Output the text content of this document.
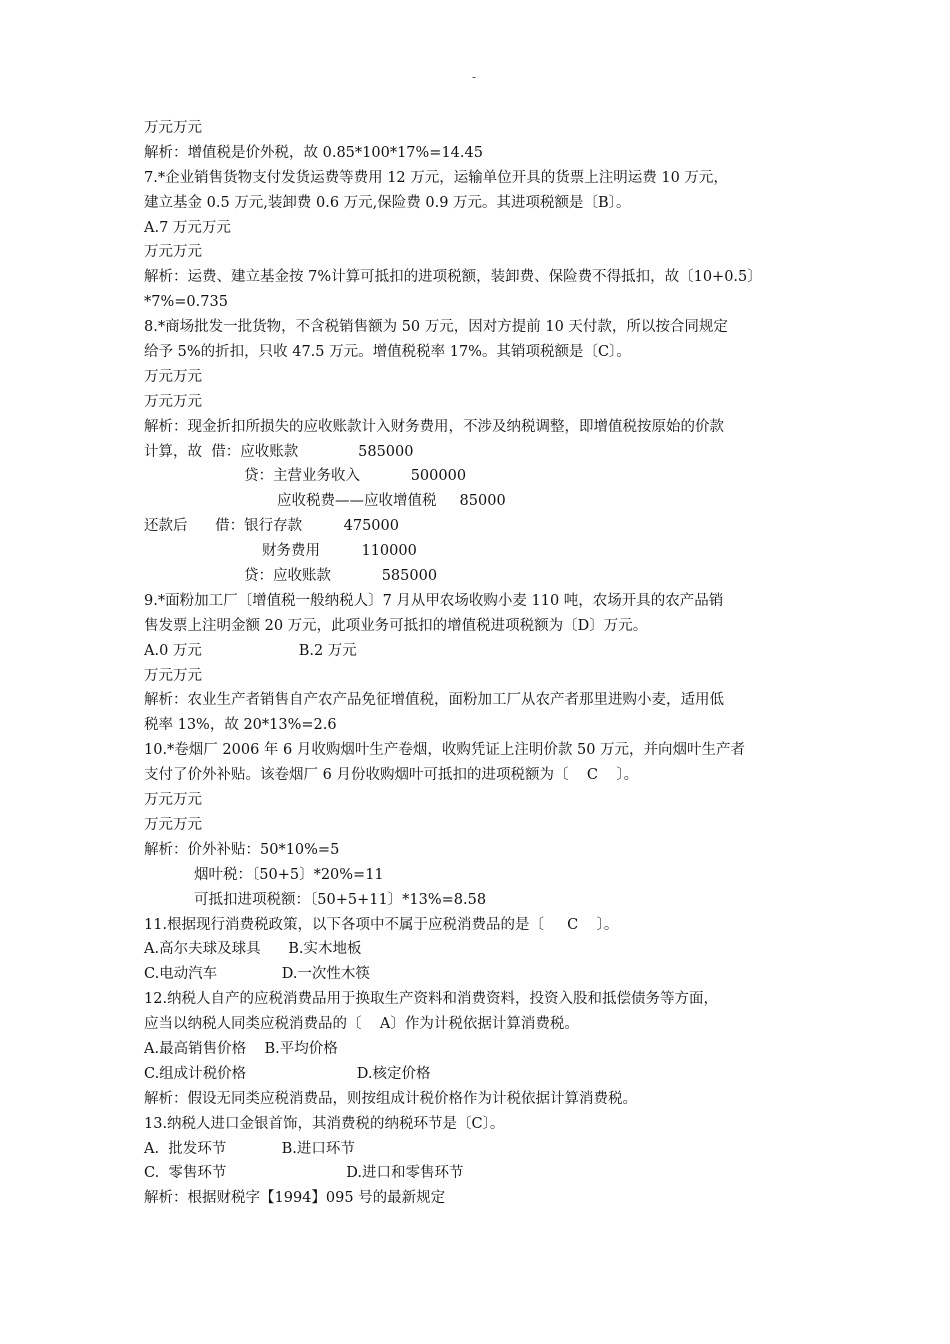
-
万元万元
解析：增值税是价外税，故 0.85*100*17%=14.45
7.*企业销售货物支付发货运费等费用 12 万元，运输单位开具的货票上注明运费 10 万元，
建立基金 0.5 万元,装卸费 0.6 万元,保险费 0.9 万元。其进项税额是〔B〕。
A.7 万元万元
万元万元
解析：运费、建立基金按 7%计算可抵扣的进项税额，装卸费、保险费不得抵扣，故〔10+0.5〕
*7%=0.735
8.*商场批发一批货物，不含税销售额为 50 万元，因对方提前 10 天付款，所以按合同规定
给予 5%的折扣，只收 47.5 万元。增值税税率 17%。其销项税额是〔C〕。
万元万元
万元万元
解析：现金折扣所损失的应收账款计入财务费用，不涉及纳税调整，即增值税按原始的价款
计算，故  借：应收账款             585000
贷：主营业务收入           500000
应收税费——应收增值税     85000
还款后      借：银行存款         475000
财务费用         110000
贷：应收账款           585000
9.*面粉加工厂〔增值税一般纳税人〕7 月从甲农场收购小麦 110 吨，农场开具的农产品销
售发票上注明金额 20 万元，此项业务可抵扣的增值税进项税额为〔D〕万元。
A.0 万元                     B.2 万元
万元万元
解析：农业生产者销售自产农产品免征增值税，面粉加工厂从农产者那里进购小麦，适用低
税率 13%，故 20*13%=2.6
10.*卷烟厂 2006 年 6 月收购烟叶生产卷烟，收购凭证上注明价款 50 万元，并向烟叶生产者
支付了价外补贴。该卷烟厂 6 月份收购烟叶可抵扣的进项税额为〔    C    〕。
万元万元
万元万元
解析：价外补贴：50*10%=5
烟叶税：〔50+5〕*20%=11
可抵扣进项税额：〔50+5+11〕*13%=8.58
11.根据现行消费税政策，以下各项中不属于应税消费品的是〔     C    〕。
A.高尔夫球及球具      B.实木地板
C.电动汽车              D.一次性木筷
12.纳税人自产的应税消费品用于换取生产资料和消费资料，投资入股和抵偿债务等方面，
应当以纳税人同类应税消费品的〔    A〕作为计税依据计算消费税。
A.最高销售价格    B.平均价格
C.组成计税价格                        D.核定价格
解析：假设无同类应税消费品，则按组成计税价格作为计税依据计算消费税。
13.纳税人进口金银首饰，其消费税的纳税环节是〔C〕。
A.  批发环节            B.进口环节
C.  零售环节                          D.进口和零售环节
解析：根据财税字【1994】095 号的最新规定
